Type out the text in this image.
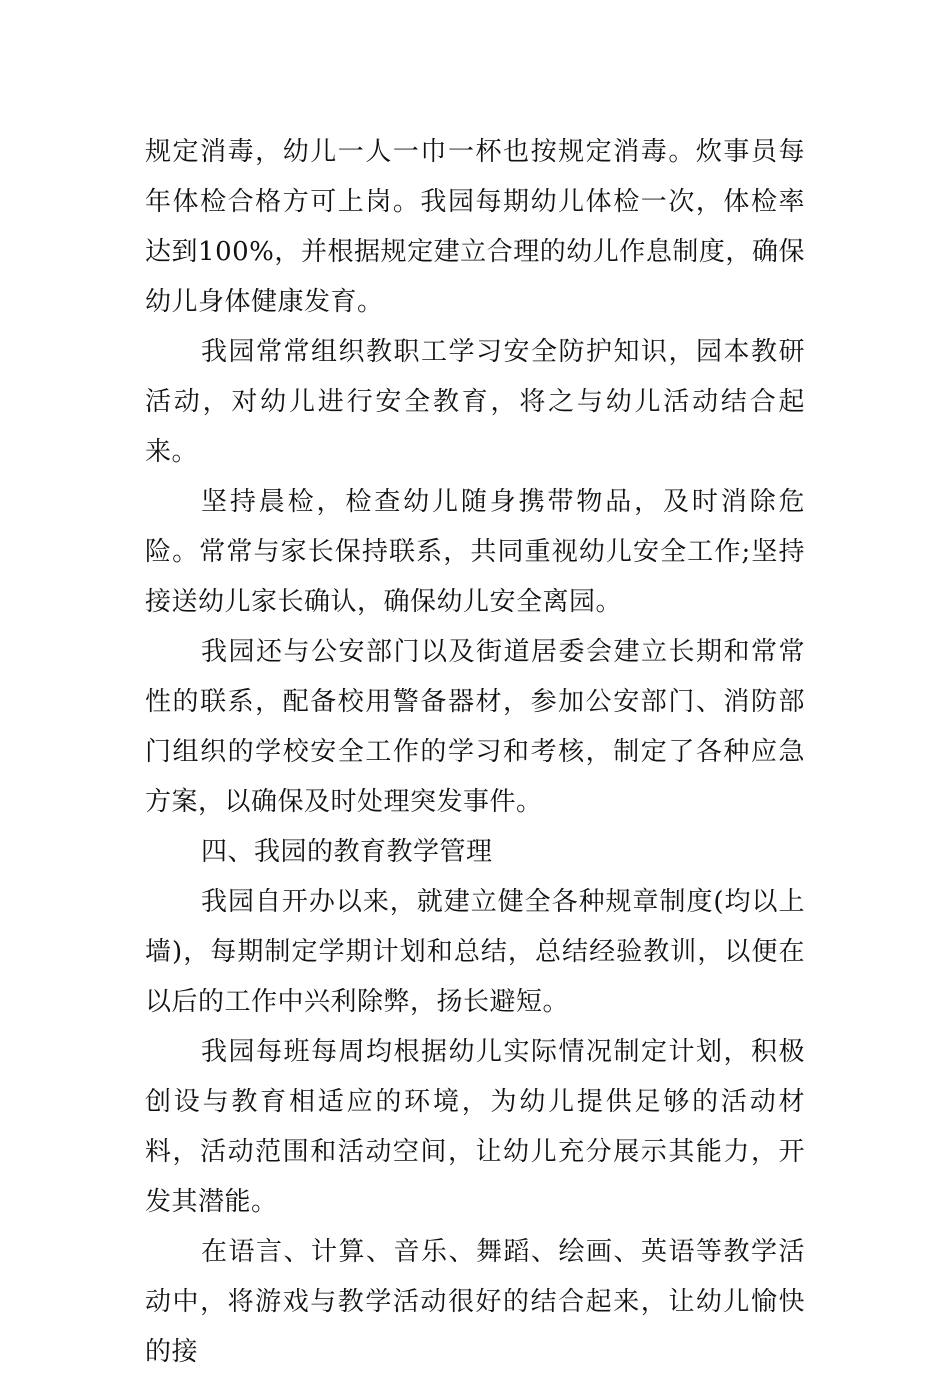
规定消毒，幼儿一人一巾一杯也按规定消毒。炊事员每年体检合格方可上岗。我园每期幼儿体检一次，体检率达到100%，并根据规定建立合理的幼儿作息制度，确保幼儿身体健康发育。

我园常常组织教职工学习安全防护知识，园本教研活动，对幼儿进行安全教育，将之与幼儿活动结合起来。

坚持晨检，检查幼儿随身携带物品，及时消除危险。常常与家长保持联系，共同重视幼儿安全工作;坚持接送幼儿家长确认，确保幼儿安全离园。

我园还与公安部门以及街道居委会建立长期和常常性的联系，配备校用警备器材，参加公安部门、消防部门组织的学校安全工作的学习和考核，制定了各种应急方案，以确保及时处理突发事件。

四、我园的教育教学管理

我园自开办以来，就建立健全各种规章制度(均以上墙)，每期制定学期计划和总结，总结经验教训，以便在以后的工作中兴利除弊，扬长避短。

我园每班每周均根据幼儿实际情况制定计划，积极创设与教育相适应的环境，为幼儿提供足够的活动材料，活动范围和活动空间，让幼儿充分展示其能力，开发其潜能。

在语言、计算、音乐、舞蹈、绘画、英语等教学活动中，将游戏与教学活动很好的结合起来，让幼儿愉快的接
